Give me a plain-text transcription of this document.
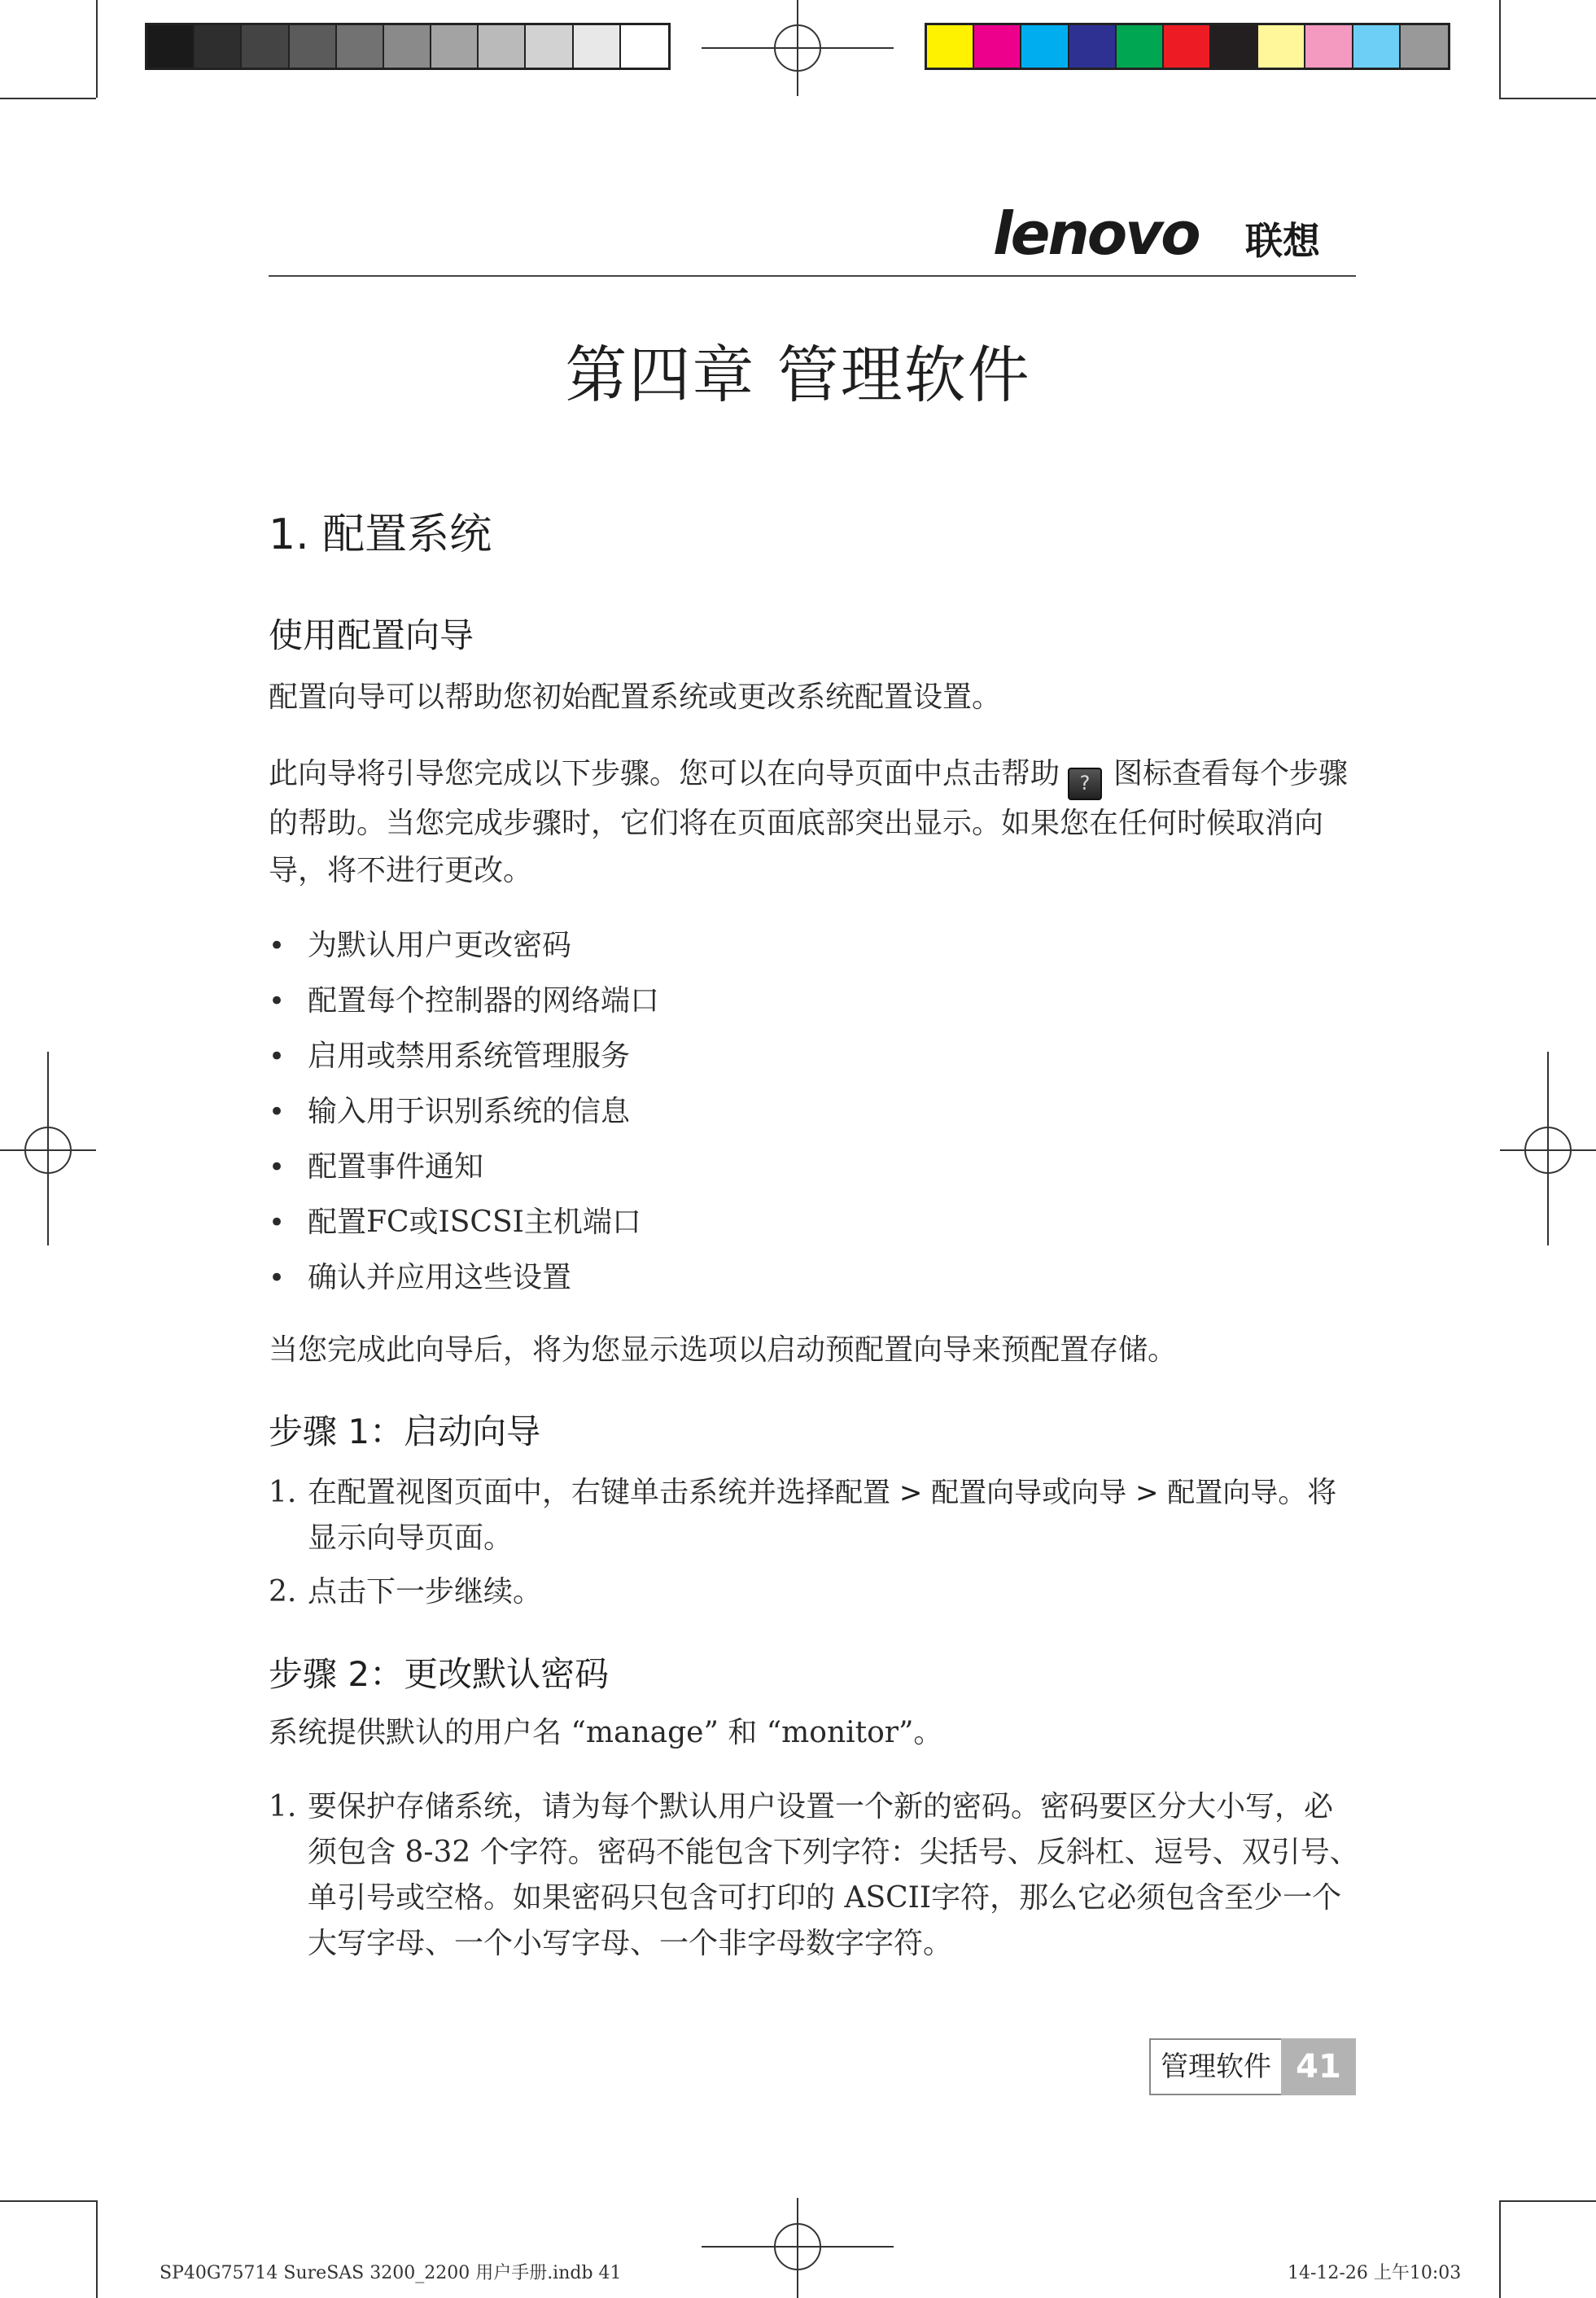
lenovo 联想
第四章 管理软件
1. 配置系统
使用配置向导

配置向导可以帮助您初始配置系统或更改系统配置设置。

此向导将引导您完成以下步骤。您可以在向导页面中点击帮助 ? 图标查看每个步骤的帮助。当您完成步骤时，它们将在页面底部突出显示。如果您在任何时候取消向导，将不进行更改。

• 为默认用户更改密码
• 配置每个控制器的网络端口
• 启用或禁用系统管理服务
• 输入用于识别系统的信息
• 配置事件通知
• 配置FC或ISCSI主机端口
• 确认并应用这些设置

当您完成此向导后，将为您显示选项以启动预配置向导来预配置存储。

步骤 1：启动向导
1. 在配置视图页面中，右键单击系统并选择配置 > 配置向导或向导 > 配置向导。将显示向导页面。
2. 点击下一步继续。
步骤 2：更改默认密码

系统提供默认的用户名 “manage” 和 “monitor”。

1. 要保护存储系统，请为每个默认用户设置一个新的密码。密码要区分大小写，必须包含 8-32 个字符。密码不能包含下列字符：尖括号、反斜杠、逗号、双引号、单引号或空格。如果密码只包含可打印的 ASCII字符，那么它必须包含至少一个大写字母、一个小写字母、一个非字母数字字符。
管理软件 41
SP40G75714 SureSAS 3200_2200 用户手册.indb 41	14-12-26 上午10:03
